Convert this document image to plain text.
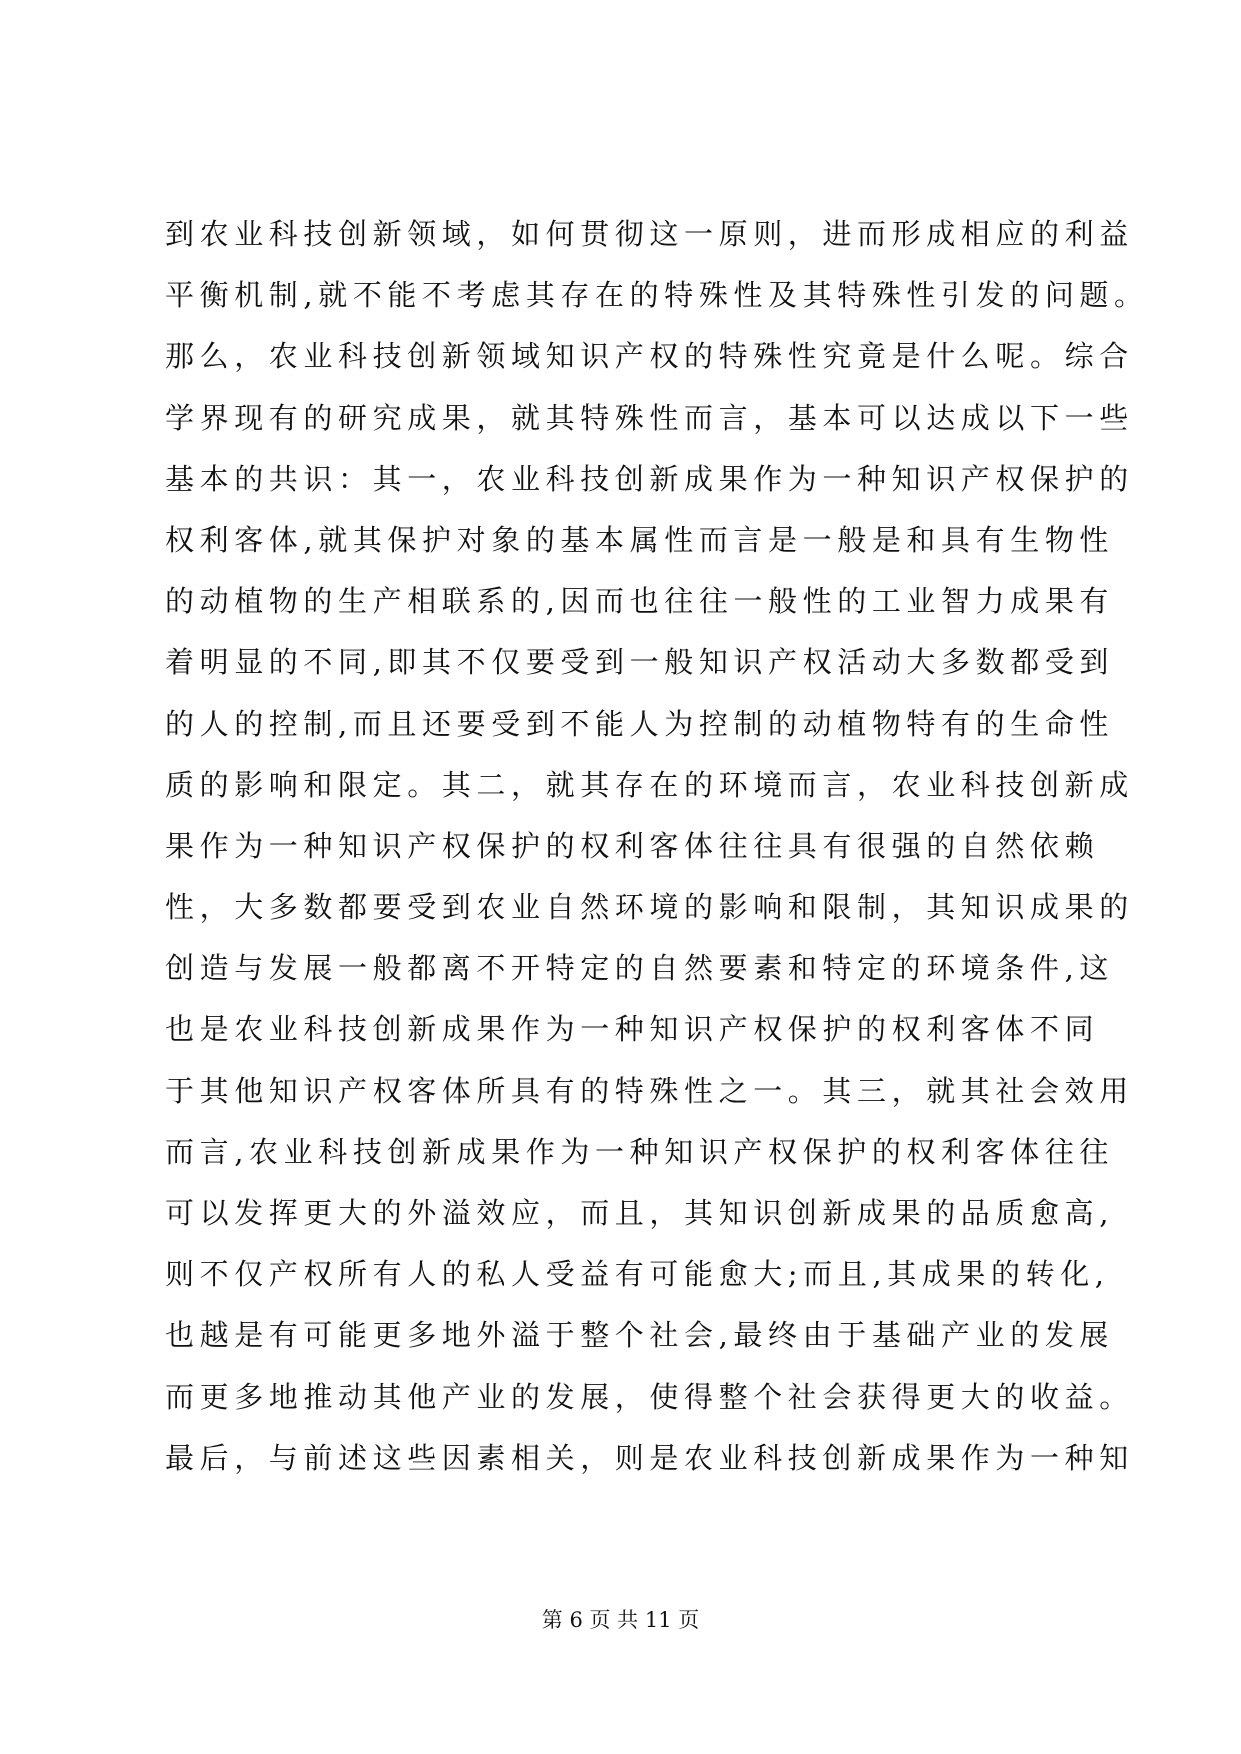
到农业科技创新领域，如何贯彻这一原则，进而形成相应的利益
平衡机制,就不能不考虑其存在的特殊性及其特殊性引发的问题。
那么，农业科技创新领域知识产权的特殊性究竟是什么呢。综合
学界现有的研究成果，就其特殊性而言，基本可以达成以下一些
基本的共识：其一，农业科技创新成果作为一种知识产权保护的
权利客体,就其保护对象的基本属性而言是一般是和具有生物性
的动植物的生产相联系的,因而也往往一般性的工业智力成果有
着明显的不同,即其不仅要受到一般知识产权活动大多数都受到
的人的控制,而且还要受到不能人为控制的动植物特有的生命性
质的影响和限定。其二，就其存在的环境而言，农业科技创新成
果作为一种知识产权保护的权利客体往往具有很强的自然依赖
性，大多数都要受到农业自然环境的影响和限制，其知识成果的
创造与发展一般都离不开特定的自然要素和特定的环境条件,这
也是农业科技创新成果作为一种知识产权保护的权利客体不同
于其他知识产权客体所具有的特殊性之一。其三，就其社会效用
而言,农业科技创新成果作为一种知识产权保护的权利客体往往
可以发挥更大的外溢效应，而且，其知识创新成果的品质愈高,
则不仅产权所有人的私人受益有可能愈大;而且,其成果的转化,
也越是有可能更多地外溢于整个社会,最终由于基础产业的发展
而更多地推动其他产业的发展，使得整个社会获得更大的收益。
最后，与前述这些因素相关，则是农业科技创新成果作为一种知
第 6 页 共 11 页
